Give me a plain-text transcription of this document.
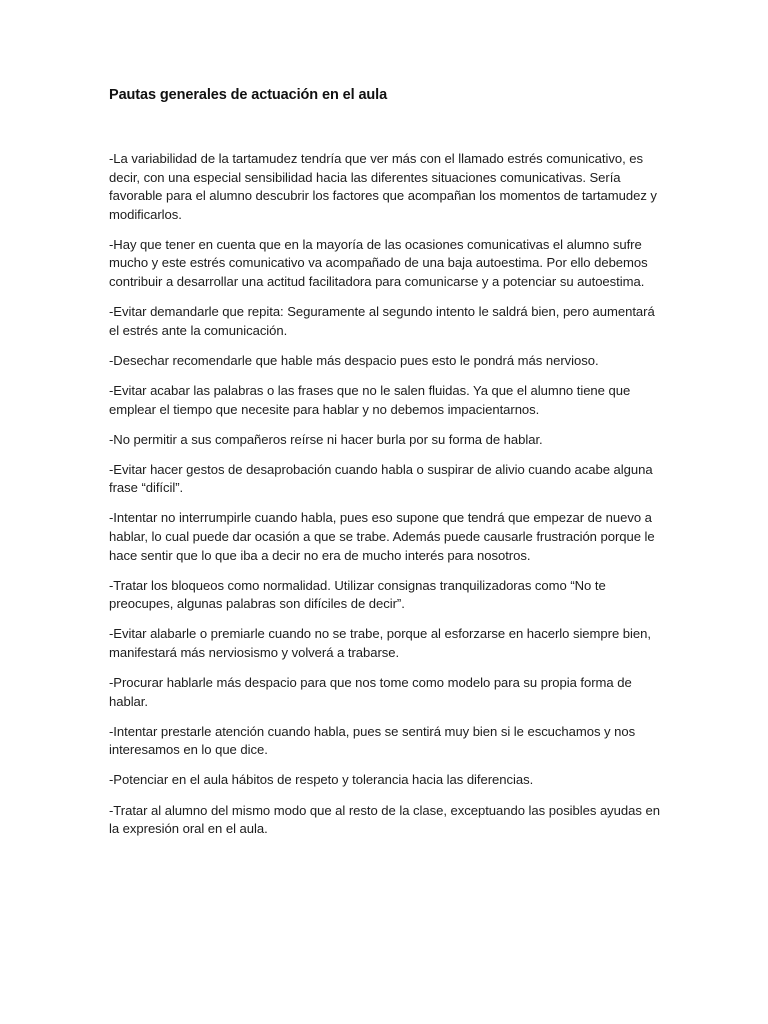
Pautas generales de actuación en el aula

-La variabilidad de la tartamudez tendría que ver más con el llamado estrés comunicativo, es decir, con una especial sensibilidad hacia las diferentes situaciones comunicativas. Sería favorable para el alumno descubrir los factores que acompañan los momentos de tartamudez y modificarlos.

-Hay que tener en cuenta que en la mayoría de las ocasiones comunicativas el alumno sufre mucho y este estrés comunicativo va acompañado de una baja autoestima. Por ello debemos contribuir a desarrollar una actitud facilitadora para comunicarse y a potenciar su autoestima.

-Evitar demandarle que repita: Seguramente al segundo intento le saldrá bien, pero aumentará el estrés ante la comunicación.

-Desechar recomendarle que hable más despacio pues esto le pondrá más nervioso.

-Evitar acabar las palabras o las frases que no le salen fluidas. Ya que el alumno tiene que emplear el tiempo que necesite para hablar y no debemos impacientarnos.

-No permitir a sus compañeros reírse ni hacer burla por su forma de hablar.

-Evitar hacer gestos de desaprobación cuando habla o suspirar de alivio cuando acabe alguna frase “difícil”.

-Intentar no interrumpirle cuando habla, pues eso supone que tendrá que empezar de nuevo a hablar, lo cual puede dar ocasión a que se trabe. Además puede causarle frustración porque le hace sentir que lo que iba a decir no era de mucho interés para nosotros.

-Tratar los bloqueos como normalidad. Utilizar consignas tranquilizadoras como “No te preocupes, algunas palabras son difíciles de decir”.

-Evitar alabarle o premiarle cuando no se trabe, porque al esforzarse en hacerlo siempre bien, manifestará más nerviosismo y volverá a trabarse.

-Procurar hablarle más despacio para que nos tome como modelo para su propia forma de hablar.

-Intentar prestarle atención cuando habla, pues se sentirá muy bien si le escuchamos y nos interesamos en lo que dice.

-Potenciar en el aula hábitos de respeto y tolerancia hacia las diferencias.

-Tratar al alumno del mismo modo que al resto de la clase, exceptuando las posibles ayudas en la expresión oral en el aula.
